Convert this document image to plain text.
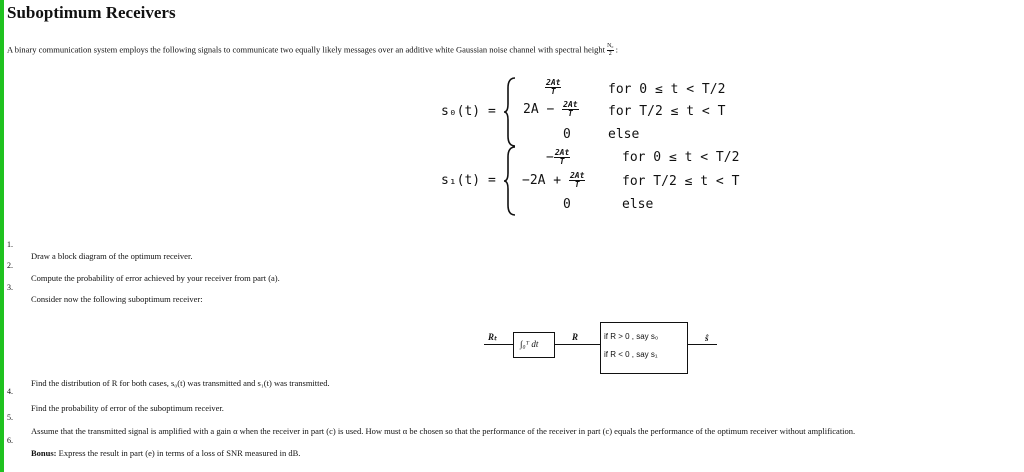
Suboptimum Receivers
A binary communication system employs the following signals to communicate two equally likely messages over an additive white Gaussian noise channel with spectral height $\frac{\text{N₀}}{2}$ :
s₀(t) =
$\frac{2At}{T}$	for 0 ≤ t < T/2
$2A - \frac{2At}{T}$ for T/2 ≤ t < T
0	else
s₁(t) =
− $\frac{2At}{T}$	for 0 ≤ t < T/2
$-2A + \frac{2At}{T}$	for T/2 ≤ t < T
0	else
1.
2.
3.
4.
5.
6.
Draw a block diagram of the optimum receiver.
Compute the probability of error achieved by your receiver from part (a).
Consider now the following suboptimum receiver:
Find the distribution of R for both cases, s₀(t) was transmitted and s₁(t) was transmitted.
Find the probability of error of the suboptimum receiver.
Assume that the transmitted signal is amplified with a gain α when the receiver in part (c) is used. How must α be chosen so that the performance of the receiver in part (c) equals the performance of the optimum receiver without amplification.
Bonus: Express the result in part (e) in terms of a loss of SNR measured in dB.
Rₜ
∫₀ᵀ dt
R	if R > 0 , say s₀
if R < 0 , say s₁
ŝ
